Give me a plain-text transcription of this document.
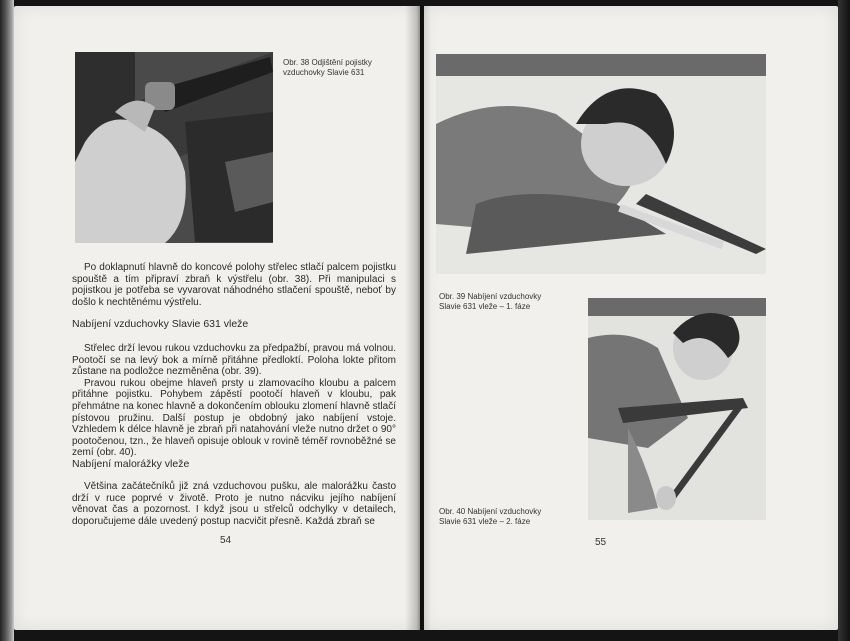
Obr. 38 Odjištění pojistky
vzduchovky Slavie 631

Po doklapnutí hlavně do koncové polohy střelec stlačí palcem pojistku spouště a tím připraví zbraň k výstřelu (obr. 38). Při manipulaci s pojistkou je potřeba se vyvarovat náhodného stlačení spouště, neboť by došlo k nechtěnému výstřelu.

Nabíjení vzduchovky Slavie 631 vleže

Střelec drží levou rukou vzduchovku za předpažbí, pravou má volnou. Pootočí se na levý bok a mírně přitáhne předloktí. Poloha lokte přitom zůstane na podložce nezměněna (obr. 39).

Pravou rukou obejme hlaveň prsty u zlamovacího kloubu a palcem přitáhne pojistku. Pohybem zápěstí pootočí hlaveň v kloubu, pak přehmátne na konec hlavně a dokončením oblouku zlomení hlavně stlačí pístovou pružinu. Další postup je obdobný jako nabíjení vstoje. Vzhledem k délce hlavně je zbraň při natahování vleže nutno držet o 90° pootočenou, tzn., že hlaveň opisuje oblouk v rovině téměř rovnoběžné se zemí (obr. 40).

Nabíjení malorážky vleže

Většina začátečníků již zná vzduchovou pušku, ale malorážku často drží v ruce poprvé v životě. Proto je nutno nácviku jejího nabíjení věnovat čas a pozornost. I když jsou u střelců odchylky v detailech, doporučujeme dále uvedený postup nacvičit přesně. Každá zbraň se

54
Obr. 39 Nabíjení vzduchovky
Slavie 631 vleže – 1. fáze
Obr. 40 Nabíjení vzduchovky
Slavie 631 vleže – 2. fáze
55
